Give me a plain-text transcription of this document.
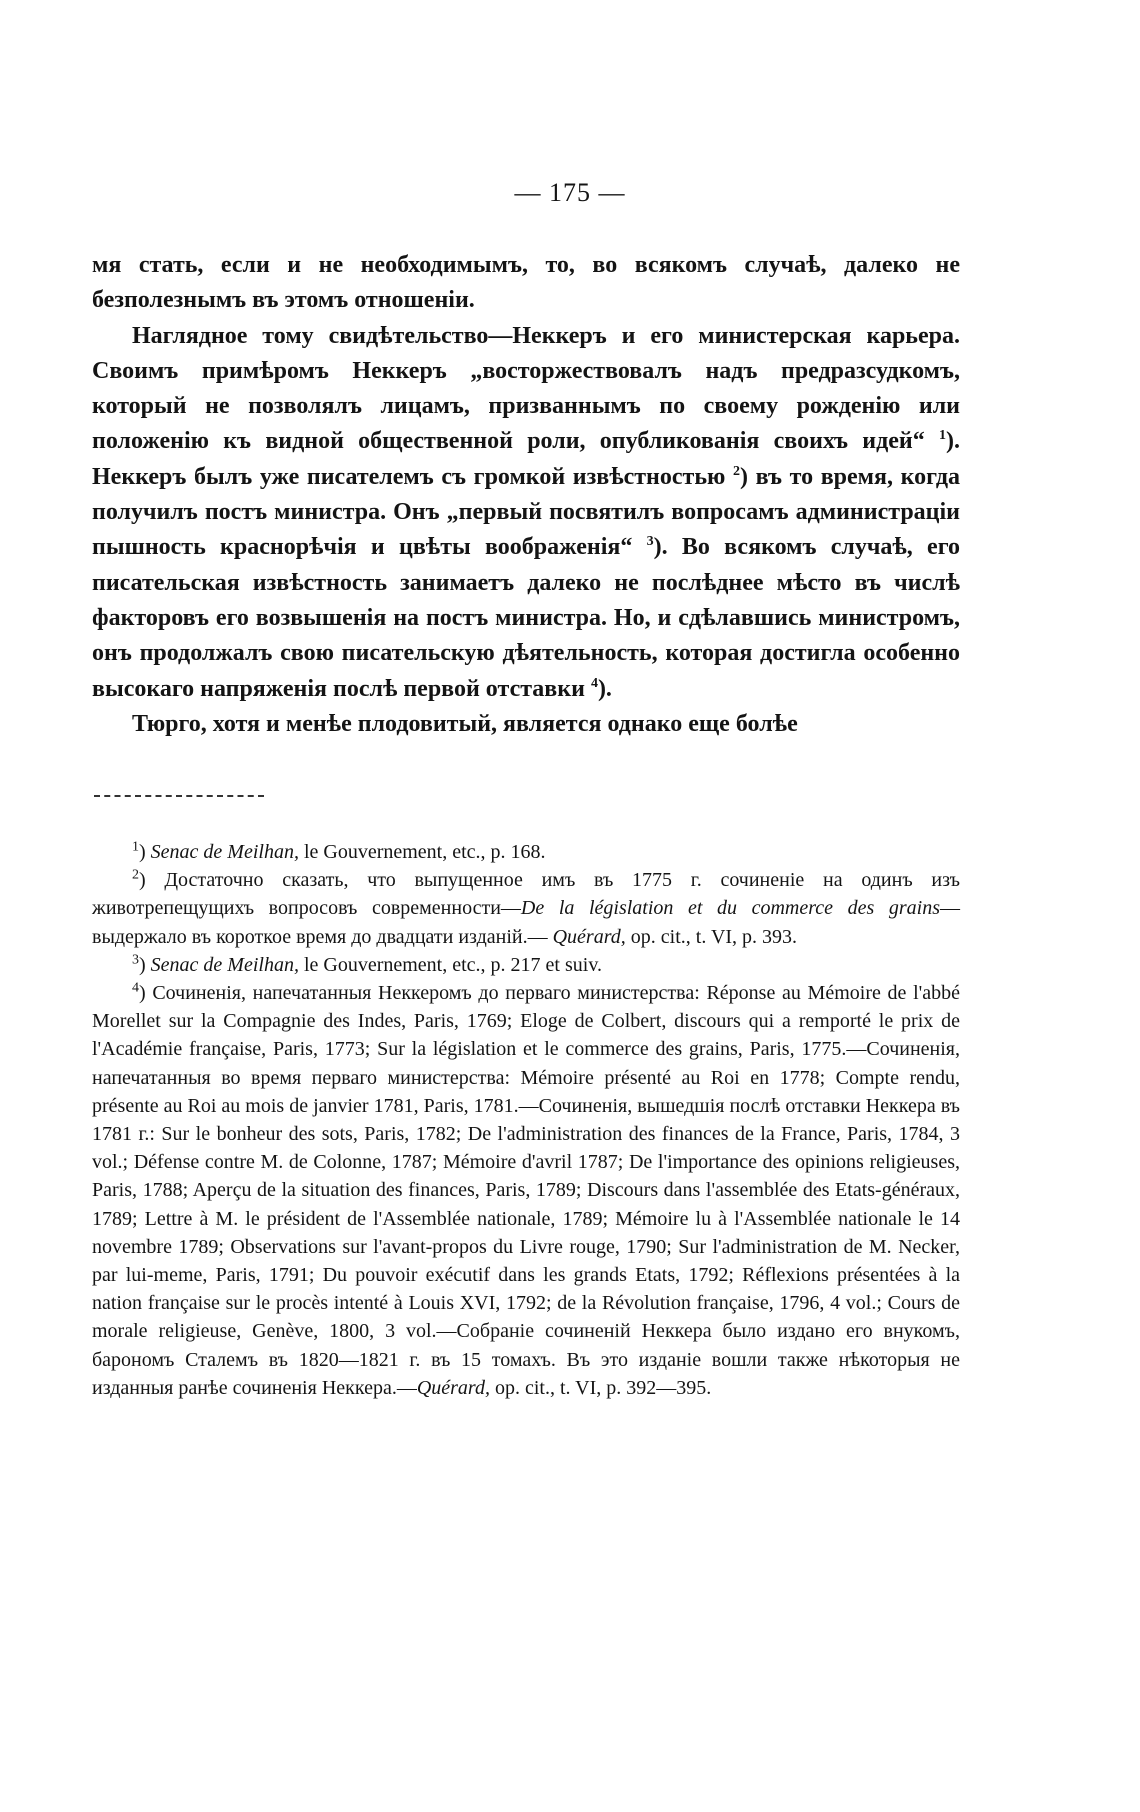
— 175 —

мя стать, если и не необходимымъ, то, во всякомъ случаѣ, далеко не безполезнымъ въ этомъ отношеніи.

Наглядное тому свидѣтельство—Неккеръ и его министерская карьера. Своимъ примѣромъ Неккеръ „восторжествовалъ надъ предразсудкомъ, который не позволялъ лицамъ, призваннымъ по своему рожденію или положенію къ видной общественной роли, опубликованія своихъ идей“ $^1$). Неккеръ былъ уже писателемъ съ громкой извѣстностью $^2$) въ то время, когда получилъ постъ министра. Онъ „первый посвятилъ вопросамъ администраціи пышность краснорѣчія и цвѣты воображенія“ $^3$). Во всякомъ случаѣ, его писательская извѣстность занимаетъ далеко не послѣднее мѣсто въ числѣ факторовъ его возвышенія на постъ министра. Но, и сдѣлавшись министромъ, онъ продолжалъ свою писательскую дѣятельность, которая достигла особенно высокаго напряженія послѣ первой отставки $^4$).

Тюрго, хотя и менѣе плодовитый, является однако еще болѣе

$^1$) Senac de Meilhan, le Gouvernement, etc., p. 168.

$^2$) Достаточно сказать, что выпущенное имъ въ 1775 г. сочиненіе на одинъ изъ животрепещущихъ вопросовъ современности—De la législation et du commerce des grains—выдержало въ короткое время до двадцати изданій.— Quérard, op. cit., t. VI, p. 393.

$^3$) Senac de Meilhan, le Gouvernement, etc., p. 217 et suiv.

$^4$) Сочиненія, напечатанныя Неккеромъ до перваго министерства: Réponse au Mémoire de l'abbé Morellet sur la Compagnie des Indes, Paris, 1769; Eloge de Colbert, discours qui a remporté le prix de l'Académie française, Paris, 1773; Sur la législation et le commerce des grains, Paris, 1775.—Сочиненія, напечатанныя во время перваго министерства: Mémoire présenté au Roi en 1778; Compte rendu, présente au Roi au mois de janvier 1781, Paris, 1781.—Сочиненія, вышедшія послѣ отставки Неккера въ 1781 г.: Sur le bonheur des sots, Paris, 1782; De l'administration des finances de la France, Paris, 1784, 3 vol.; Défense contre M. de Colonne, 1787; Mémoire d'avril 1787; De l'importance des opinions religieuses, Paris, 1788; Aperçu de la situation des finances, Paris, 1789; Discours dans l'assemblée des Etats-généraux, 1789; Lettre à M. le président de l'Assemblée nationale, 1789; Mémoire lu à l'Assemblée nationale le 14 novembre 1789; Observations sur l'avant-propos du Livre rouge, 1790; Sur l'administration de M. Necker, par lui-meme, Paris, 1791; Du pouvoir exécutif dans les grands Etats, 1792; Réflexions présentées à la nation française sur le procès intenté à Louis XVI, 1792; de la Révolution française, 1796, 4 vol.; Cours de morale religieuse, Genève, 1800, 3 vol.—Собраніе сочиненій Неккера было издано его внукомъ, барономъ Сталемъ въ 1820—1821 г. въ 15 томахъ. Въ это изданіе вошли также нѣкоторыя не изданныя ранѣе сочиненія Неккера.—Quérard, op. cit., t. VI, p. 392—395.
